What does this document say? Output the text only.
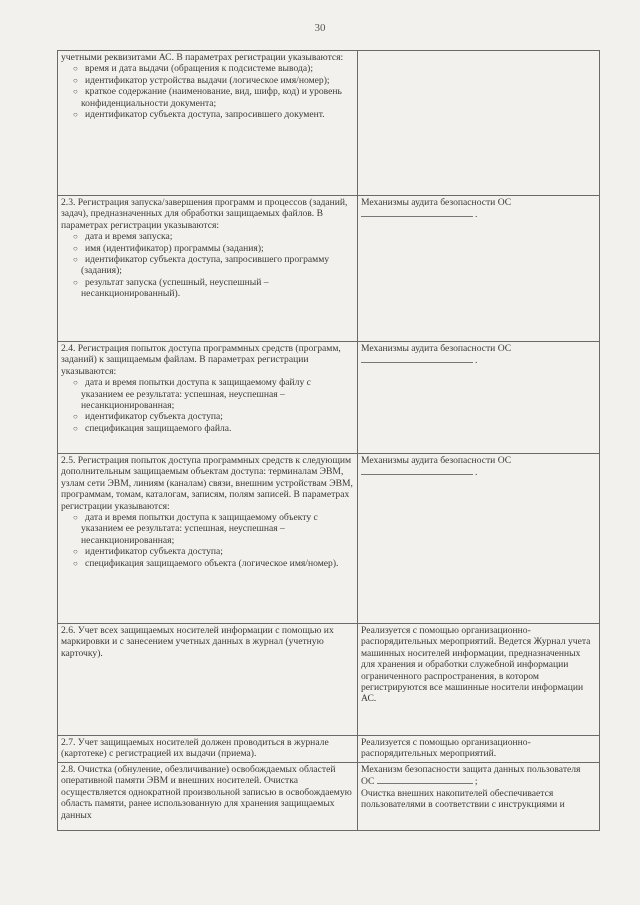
30
учетными реквизитами АС. В параметрах регистрации указываются:
○ время и дата выдачи (обращения к подсистеме вывода);
○ идентификатор устройства выдачи (логическое имя/номер);
○ краткое содержание (наименование, вид, шифр, код) и уровень конфиденциальности документа;
○ идентификатор субъекта доступа, запросившего документ.	

2.3. Регистрация запуска/завершения программ и процессов (заданий, задач), предназначенных для обработки защищаемых файлов. В параметрах регистрации указываются:
○ дата и время запуска;
○ имя (идентификатор) программы (задания);
○ идентификатор субъекта доступа, запросившего программу (задания);
○ результат запуска (успешный, неуспешный – несанкционированный).	Механизмы аудита безопасности ОС
.
2.4. Регистрация попыток доступа программных средств (программ, заданий) к защищаемым файлам. В параметрах регистрации указываются:
○ дата и время попытки доступа к защищаемому файлу с указанием ее результата: успешная, неуспешная – несанкционированная;
○ идентификатор субъекта доступа;
○ спецификация защищаемого файла.	Механизмы аудита безопасности ОС
.
2.5. Регистрация попыток доступа программных средств к следующим дополнительным защищаемым объектам доступа: терминалам ЭВМ, узлам сети ЭВМ, линиям (каналам) связи, внешним устройствам ЭВМ, программам, томам, каталогам, записям, полям записей. В параметрах регистрации указываются:
○ дата и время попытки доступа к защищаемому объекту с указанием ее результата: успешная, неуспешная – несанкционированная;
○ идентификатор субъекта доступа;
○ спецификация защищаемого объекта (логическое имя/номер).	Механизмы аудита безопасности ОС
.
2.6. Учет всех защищаемых носителей информации с помощью их маркировки и с занесением учетных данных в журнал (учетную карточку).	Реализуется с помощью организационно-распорядительных мероприятий. Ведется Журнал учета машинных носителей информации, предназначенных для хранения и обработки служебной информации ограниченного распространения, в котором регистрируются все машинные носители информации АС.
2.7. Учет защищаемых носителей должен проводиться в журнале (картотеке) с регистрацией их выдачи (приема).	Реализуется с помощью организационно-распорядительных мероприятий.
2.8. Очистка (обнуление, обезличивание) освобождаемых областей оперативной памяти ЭВМ и внешних носителей. Очистка осуществляется однократной произвольной записью в освобождаемую область памяти, ранее использованную для хранения защищаемых данных	Механизм безопасности защита данных пользователя ОС ;
Очистка внешних накопителей обеспечивается пользователями в соответствии с инструкциями и
